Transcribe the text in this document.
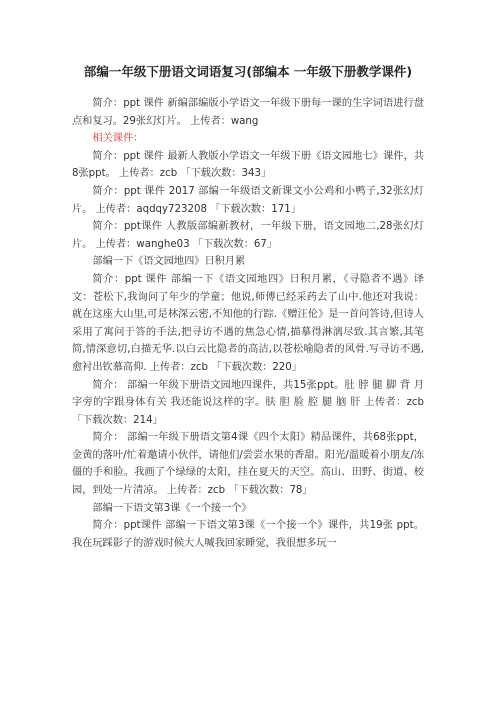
部编一年级下册语文词语复习(部编本 一年级下册教学课件)

简介：ppt 课件 新编部编版小学语文一年级下册每一课的生字词语进行盘点和复习。29张幻灯片。 上传者：wang

相关课件：

简介：ppt 课件 最新人教版小学语文一年级下册《语文园地七》课件，共8张ppt。 上传者：zcb 「下载次数：343」

简介：ppt 课件 2017 部编一年级语文新课文小公鸡和小鸭子,32张幻灯片。 上传者：aqdqy723208 「下载次数：171」

简介：ppt课件 人教版部编新教材，一年级下册，语文园地二,28张幻灯片。 上传者：wanghe03 「下载次数：67」

部编一下《语文园地四》日积月累

简介：ppt 课件 部编一下《语文园地四》日积月累，《寻隐者不遇》译文：苍松下,我询问了年少的学童；他说,师傅已经采药去了山中.他还对我说：就在这座大山里,可是林深云密,不知他的行踪.《赠汪伦》是一首问答诗,但诗人采用了寓问于答的手法,把寻访不遇的焦急心情,描摹得淋漓尽致.其言繁,其笔简,情深意切,白描无华.以白云比隐者的高洁,以苍松喻隐者的风骨.写寻访不遇,愈衬出钦慕高仰. 上传者：zcb 「下载次数：220」

简介： 部编一年级下册语文园地四课件，共15张ppt。肚 脖 腿 脚 背 月字旁的字跟身体有关 我还能说这样的字。肤 胆 脸 腔 腿 脑 肝 上传者：zcb 「下载次数：214」

简介： 部编一年级下册语文第4课《四个太阳》精品课件，共68张ppt，金黄的落叶/忙着邀请小伙伴，请他们/尝尝水果的香甜。阳光/温暖着小朋友/冻僵的手和脸。我画了个绿绿的太阳，挂在夏天的天空。高山、田野、街道、校园，到处一片清凉。 上传者：zcb 「下载次数：78」

部编一下语文第3课《一个接一个》

简介：ppt课件 部编一下语文第3课《一个接一个》课件，共19张 ppt。我在玩踩影子的游戏时候大人喊我回家睡觉，我很想多玩一
